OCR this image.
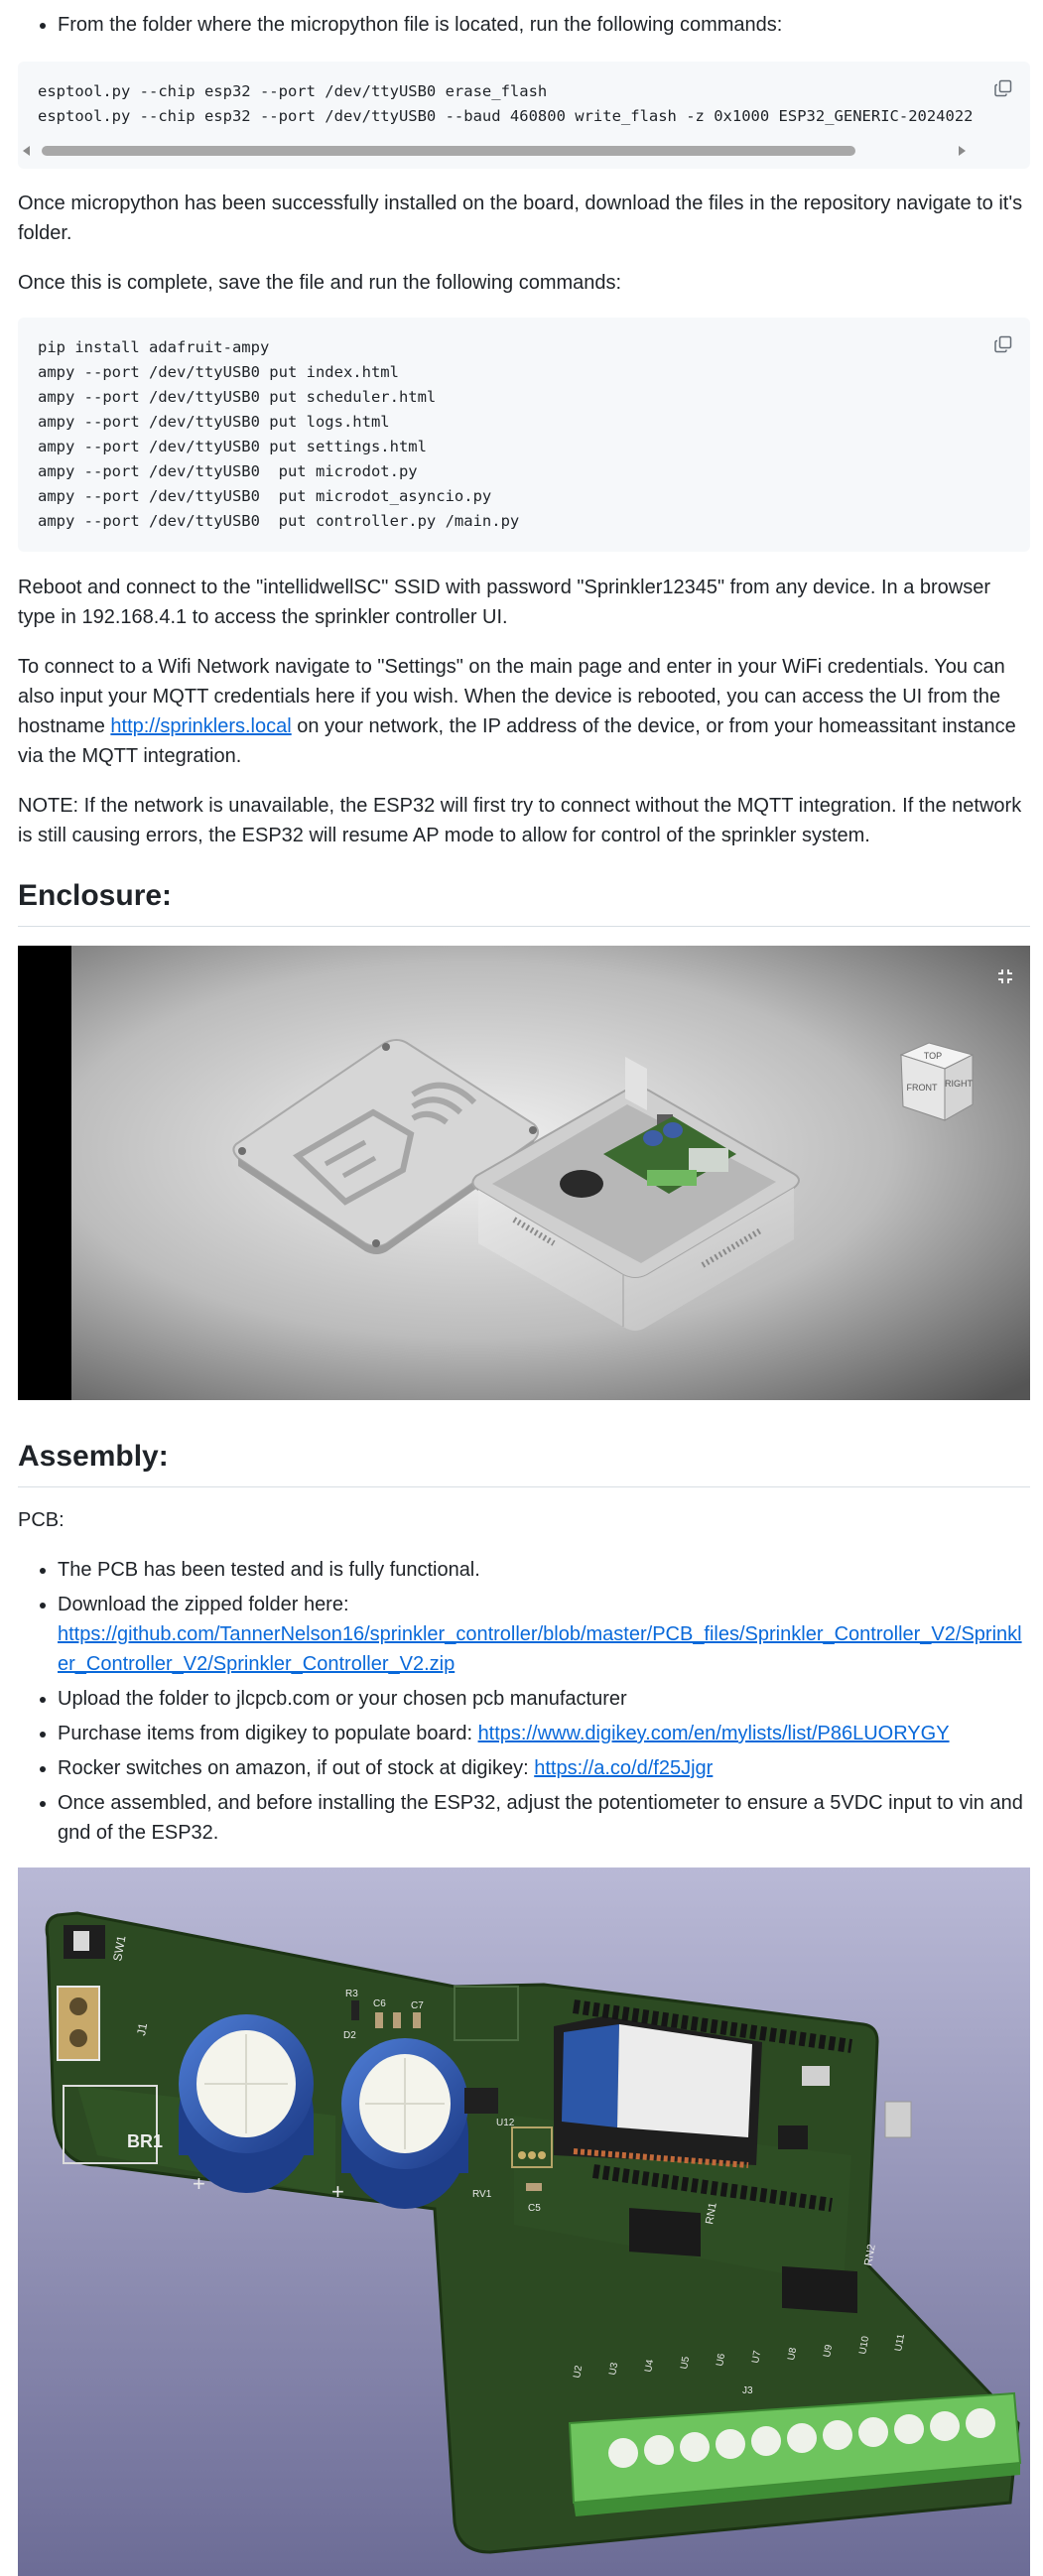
• From the folder where the micropython file is located, run the following commands:
esptool.py --chip esp32 --port /dev/ttyUSB0 erase_flash
esptool.py --chip esp32 --port /dev/ttyUSB0 --baud 460800 write_flash -z 0x1000 ESP32_GENERIC-2024022

Once micropython has been successfully installed on the board, download the files in the repository navigate to it's folder.

Once this is complete, save the file and run the following commands:

pip install adafruit-ampy
ampy --port /dev/ttyUSB0 put index.html
ampy --port /dev/ttyUSB0 put scheduler.html
ampy --port /dev/ttyUSB0 put logs.html
ampy --port /dev/ttyUSB0 put settings.html
ampy --port /dev/ttyUSB0  put microdot.py
ampy --port /dev/ttyUSB0  put microdot_asyncio.py
ampy --port /dev/ttyUSB0  put controller.py /main.py

Reboot and connect to the "intellidwellSC" SSID with password "Sprinkler12345" from any device. In a browser type in 192.168.4.1 to access the sprinkler controller UI.

To connect to a Wifi Network navigate to "Settings" on the main page and enter in your WiFi credentials. You can also input your MQTT credentials here if you wish. When the device is rebooted, you can access the UI from the hostname http://sprinklers.local on your network, the IP address of the device, or from your homeassitant instance via the MQTT integration.

NOTE: If the network is unavailable, the ESP32 will first try to connect without the MQTT integration. If the network is still causing errors, the ESP32 will resume AP mode to allow for control of the sprinkler system.

Enclosure:
TOP
FRONT RIGHT
Assembly:

PCB:

• The PCB has been tested and is fully functional.
• Download the zipped folder here:
https://github.com/TannerNelson16/sprinkler_controller/blob/master/PCB_files/Sprinkler_Controller_V2/Sprinkler_Controller_V2/Sprinkler_Controller_V2.zip
• Upload the folder to jlcpcb.com or your chosen pcb manufacturer
• Purchase items from digikey to populate board: https://www.digikey.com/en/mylists/list/P86LUORYGY
• Rocker switches on amazon, if out of stock at digikey: https://a.co/d/f25Jjgr
• Once assembled, and before installing the ESP32, adjust the potentiometer to ensure a 5VDC input to vin and gnd of the ESP32.
SW1
J1
BR1
+	+
R3
D2
C6	C7
U12
RV1
C5	RN1
RN2
U2 U3 U4 U5 U6 U7 U8 U9 U10 U11
J3
